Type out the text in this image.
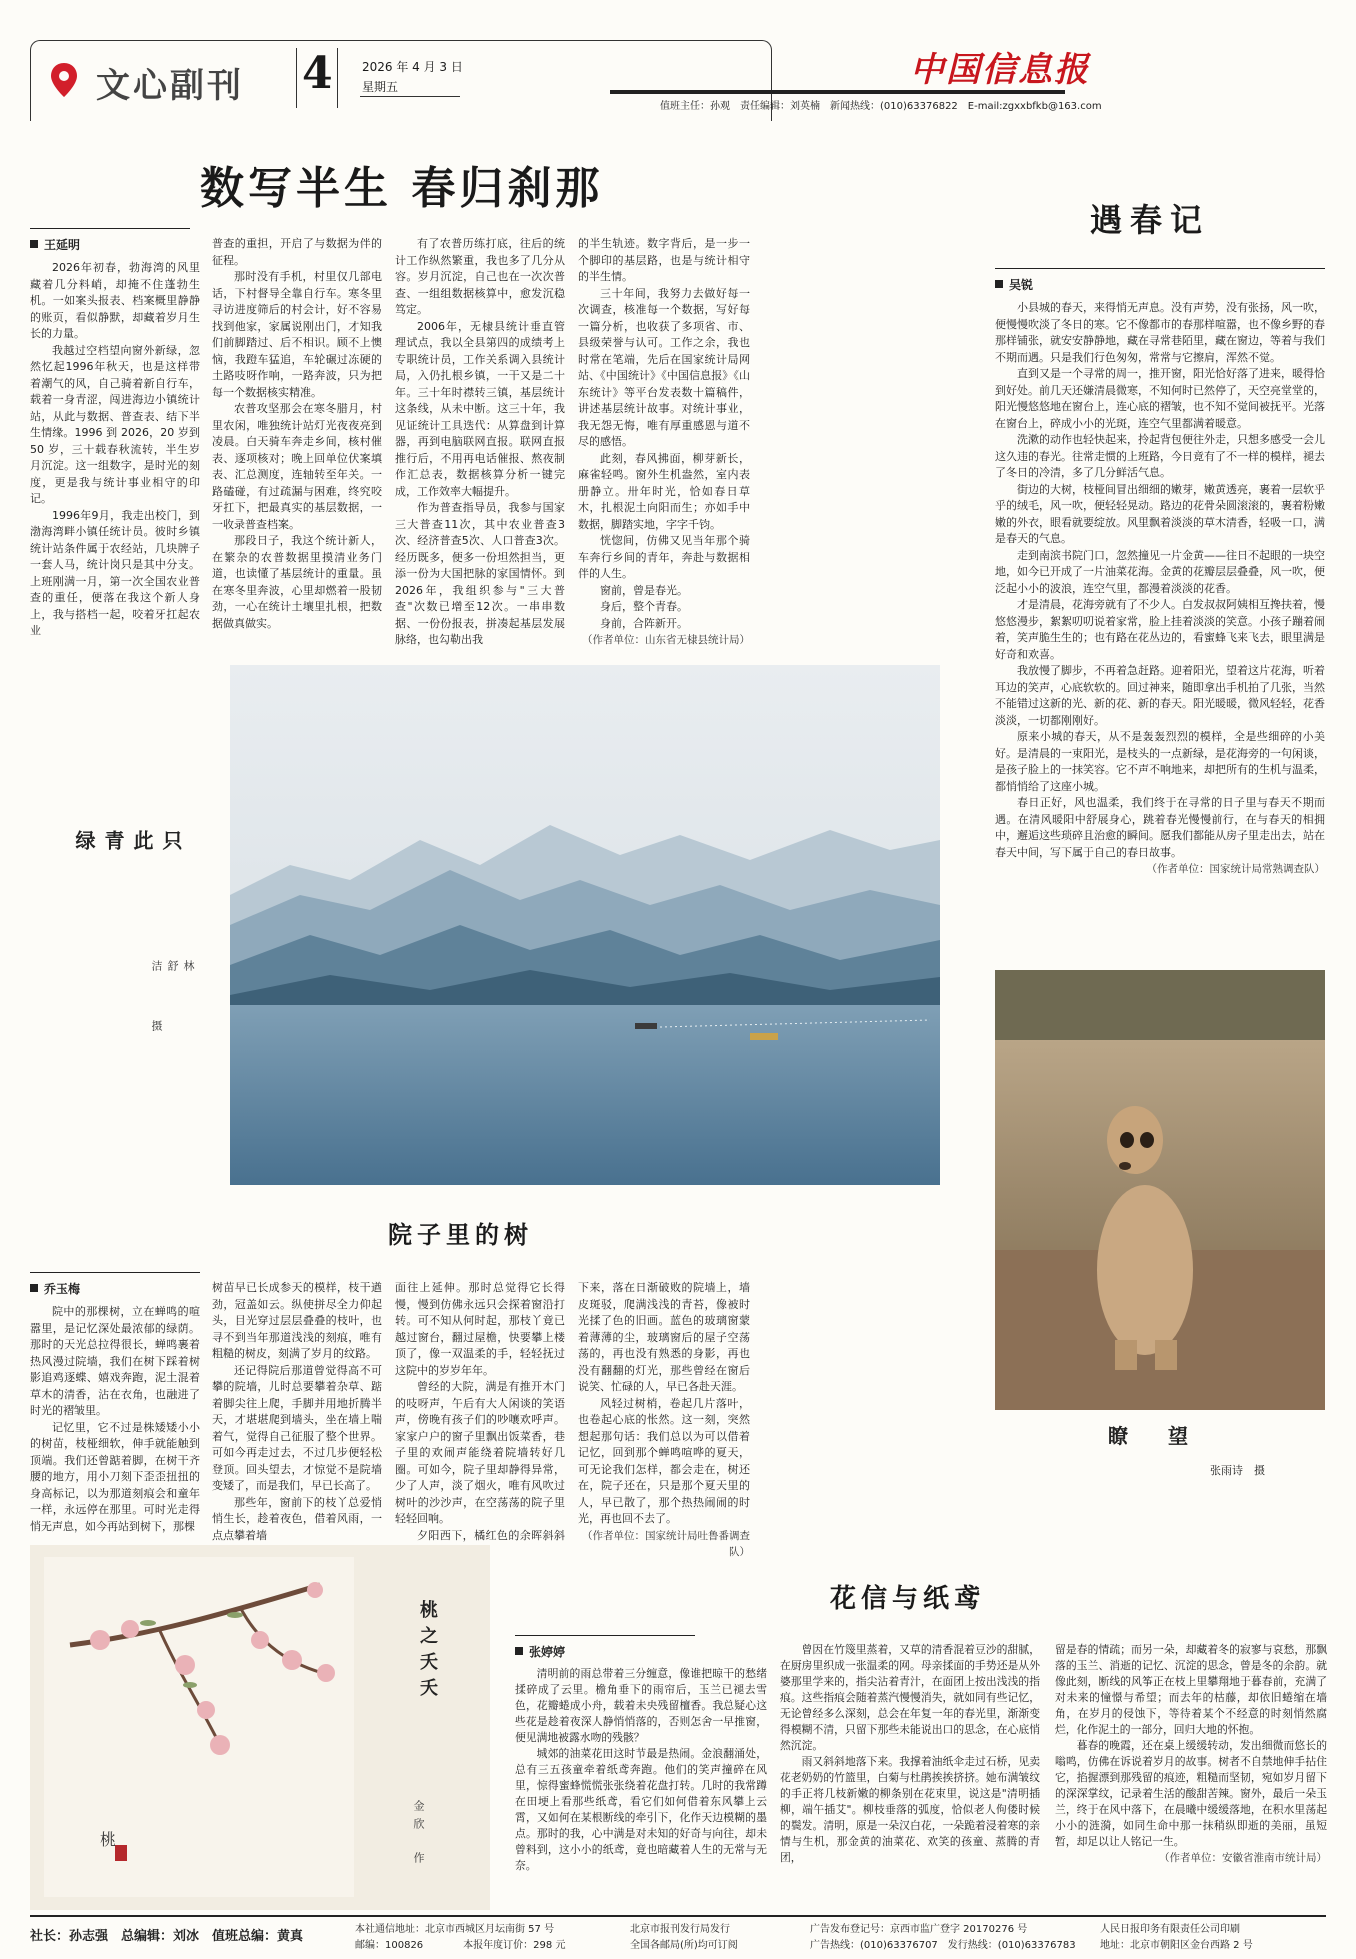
文心副刊 4 2026 年 4 月 3 日
星期五	中国信息报
值班主任：孙观　责任编辑：刘英楠　新闻热线：(010)63376822　E-mail:zgxxbfkb@163.com
数写半生 春归刹那
王延明

2026年初春，勃海湾的风里藏着几分料峭，却掩不住蓬勃生机。一如案头报表、档案概里静静的账页，看似静默，却藏着岁月生长的力量。

我越过空档望向窗外新绿，忽然忆起1996年秋天，也是这样带着潮气的风，自己骑着新自行车，载着一身青涩，闯进海边小镇统计站，从此与数据、普查表、结下半生情缘。1996 到 2026，20 岁到 50 岁，三十载春秋流转，半生岁月沉淀。这一组数字，是时光的刻度，更是我与统计事业相守的印记。

1996年9月，我走出校门，到渤海湾畔小镇任统计员。彼时乡镇统计站条件属于农经站，几块牌子一套人马，统计岗只是其中分支。上班刚满一月，第一次全国农业普查的重任，便落在我这个新人身上，我与搭档一起，咬着牙扛起农业

普查的重担，开启了与数据为伴的征程。

那时没有手机，村里仅几部电话，下村督导全靠自行车。寒冬里寻访进度筛后的村会计，好不容易找到他家，家属说刚出门，才知我们前脚踏过、后不相识。顾不上懊恼，我蹬车猛追，车轮碾过冻硬的土路吱呀作响，一路奔波，只为把每一个数据核实精准。

农普攻坚那会在寒冬腊月，村里农闲，唯独统计站灯光夜夜亮到凌晨。白天骑车奔走乡间，核村催表、逐项核对；晚上回单位伏案填表、汇总测度，连轴转至年关。一路磕碰，有过疏漏与困难，终究咬牙扛下，把最真实的基层数据，一一收录普查档案。

那段日子，我这个统计新人，在繁杂的农普数据里摸清业务门道，也读懂了基层统计的重量。虽在寒冬里奔波，心里却燃着一股韧劲，一心在统计土壤里扎根，把数据做真做实。

有了农普历练打底，往后的统计工作纵然繁重，我也多了几分从容。岁月沉淀，自己也在一次次普查、一组组数据核算中，愈发沉稳笃定。

2006年，无棣县统计垂直管理试点，我以全县第四的成绩考上专职统计员，工作关系调入县统计局，入仍扎根乡镇，一干又是二十年。三十年时襟转三镇，基层统计这条线，从未中断。这三十年，我见证统计工具迭代：从算盘到计算器，再到电脑联网直报。联网直报推行后，不用再电话催报、熬夜制作汇总表，数据核算分析一键完成，工作效率大幅提升。

作为普查指导员，我参与国家三大普查11次，其中农业普查3次、经济普查5次、人口普查3次。经历既多，便多一份坦然担当，更添一份为大国把脉的家国情怀。到2026年，我组织参与"三大普查"次数已增至12次。一串串数据、一份份报表，拼凑起基层发展脉络，也勾勒出我

的半生轨迹。数字背后，是一步一个脚印的基层路，也是与统计相守的半生情。

三十年间，我努力去做好每一次调查，核准每一个数据，写好每一篇分析，也收获了多项省、市、县级荣誉与认可。工作之余，我也时常在笔端，先后在国家统计局网站、《中国统计》《中国信息报》《山东统计》等平台发表数十篇稿件，讲述基层统计故事。对统计事业，我无怨无悔，唯有厚重感恩与道不尽的感悟。

此刻，春风拂面，柳芽新长，麻雀轻鸣。窗外生机盎然，室内表册静立。卅年时光，恰如春日草木，扎根泥土向阳而生；亦如手中数据，脚踏实地，字字千钧。

恍惚间，仿佛又见当年那个骑车奔行乡间的青年，奔赴与数据相伴的人生。

窗前，曾是春光。

身后，整个青春。

身前，合阵新开。

（作者单位：山东省无棣县统计局）
遇春记
吴锐

小县城的春天，来得悄无声息。没有声势，没有张扬，风一吹，便慢慢吹淡了冬日的寒。它不像都市的春那样喧嚣，也不像乡野的春那样铺张，就安安静静地，藏在寻常巷陌里，藏在窗边，等着与我们不期而遇。只是我们行色匆匆，常常与它擦肩，浑然不觉。

直到又是一个寻常的周一，推开窗，阳光恰好落了进来，暖得恰到好处。前几天还嫌清晨微寒，不知何时已然停了，天空亮堂堂的，阳光慢悠悠地在窗台上，连心底的褶皱，也不知不觉间被抚平。光落在窗台上，碎成小小的光斑，连空气里都满着暖意。

洗漱的动作也轻快起来，拎起背包便往外走，只想多感受一会儿这久违的春光。往常走惯的上班路，今日竟有了不一样的模样，褪去了冬日的冷清，多了几分鲜活气息。

街边的大树，枝桠间冒出细细的嫩芽，嫩黄透亮，裹着一层软乎乎的绒毛，风一吹，便轻轻晃动。路边的花骨朵圆滚滚的，裹着粉嫩嫩的外衣，眼看就要绽放。风里飘着淡淡的草木清香，轻吸一口，满是春天的气息。

走到南滨书院门口，忽然撞见一片金黄——往日不起眼的一块空地，如今已开成了一片油菜花海。金黄的花瓣层层叠叠，风一吹，便泛起小小的波浪，连空气里，都漫着淡淡的花香。

才是清晨，花海旁就有了不少人。白发叔叔阿姨相互搀扶着，慢悠悠漫步，絮絮叨叨说着家常，脸上挂着淡淡的笑意。小孩子蹦着闹着，笑声脆生生的；也有路在花丛边的，看蜜蜂飞来飞去，眼里满是好奇和欢喜。

我放慢了脚步，不再着急赶路。迎着阳光，望着这片花海，听着耳边的笑声，心底软软的。回过神来，随即拿出手机拍了几张，当然不能错过这新的光、新的花、新的春天。阳光暖暖，微风轻轻，花香淡淡，一切都刚刚好。

原来小城的春天，从不是轰轰烈烈的模样，全是些细碎的小美好。是清晨的一束阳光，是枝头的一点新绿，是花海旁的一句闲谈，是孩子脸上的一抹笑容。它不声不响地来，却把所有的生机与温柔，都悄悄给了这座小城。

春日正好，风也温柔，我们终于在寻常的日子里与春天不期而遇。在清风暖阳中舒展身心，跳着春光慢慢前行，在与春天的相拥中，邂逅这些琐碎且治愈的瞬间。愿我们都能从房子里走出去，站在春天中间，写下属于自己的春日故事。

（作者单位：国家统计局常熟调查队）
只此青绿
林舒洁
摄
瞭　望
张雨诗　摄
院子里的树
乔玉梅

院中的那棵树，立在蝉鸣的喧嚣里，是记忆深处最浓郁的绿荫。那时的天光总拉得很长，蝉鸣裹着热风漫过院墙，我们在树下踩着树影追鸡逐蝶、嬉戏奔跑，泥土混着草木的清香，沾在衣角，也融进了时光的褶皱里。

记忆里，它不过是株矮矮小小的树苗，枝桠细软，伸手就能触到顶端。我们还曾踮着脚，在树干齐腰的地方，用小刀刻下歪歪扭扭的身高标记，以为那道刻痕会和童年一样，永远停在那里。可时光走得悄无声息，如今再站到树下，那棵

树苗早已长成参天的模样，枝干遒劲，冠盖如云。纵使拼尽全力仰起头，目光穿过层层叠叠的枝叶，也寻不到当年那道浅浅的刻痕，唯有粗糙的树皮，刻满了岁月的纹路。

还记得院后那道曾觉得高不可攀的院墙，儿时总要攀着杂草、踮着脚尖往上爬，手脚并用地折腾半天，才堪堪爬到墙头，坐在墙上喘着气，觉得自己征服了整个世界。可如今再走过去，不过几步便轻松登顶。回头望去，才惊觉不是院墙变矮了，而是我们，早已长高了。

那些年，窗前下的枝丫总爱悄悄生长，趁着夜色，借着风雨，一点点攀着墙

面往上延伸。那时总觉得它长得慢，慢到仿佛永远只会探着窗沿打转。可不知从何时起，那枝丫竟已越过窗台，翻过屋檐，快要攀上楼顶了，像一双温柔的手，轻轻抚过这院中的岁岁年年。

曾经的大院，满是有推开木门的吱呀声，午后有大人闲谈的笑语声，傍晚有孩子们的吵嚷欢呼声。家家户户的窗子里飘出饭菜香，巷子里的欢闹声能绕着院墙转好几圈。可如今，院子里却静得异常，少了人声，淡了烟火，唯有风吹过树叶的沙沙声，在空荡荡的院子里轻轻回响。

夕阳西下，橘红色的余晖斜斜

下来，落在日渐破败的院墙上，墙皮斑驳，爬满浅浅的青苔，像被时光揉了色的旧画。蓝色的玻璃窗蒙着薄薄的尘，玻璃窗后的屋子空荡荡的，再也没有熟悉的身影，再也没有翻翻的灯光，那些曾经在窗后说笑、忙碌的人，早已各赴天涯。

风轻过树梢，卷起几片落叶，也卷起心底的怅然。这一刻，突然想起那句话：我们总以为可以借着记忆，回到那个蝉鸣喧哗的夏天，可无论我们怎样，都会走在，树还在，院子还在，只是那个夏天里的人，早已散了，那个热热闹闹的时光，再也回不去了。

（作者单位：国家统计局吐鲁番调查队）
桃
桃之夭夭
金
欣
作
花信与纸鸢
张婷婷

清明前的雨总带着三分缠意，像谁把晾干的愁绪揉碎成了云里。檐角垂下的雨帘后，玉兰已褪去雪色，花瓣蜷成小舟，载着未央残留檀香。我总疑心这些花是趁着夜深人静悄悄落的，否则怎舍一早推窗，便见满地被露水吻的残骸？

城郊的油菜花田这时节最是热闹。金浪翻涌处，总有三五孩童牵着纸鸢奔跑。他们的笑声撞碎在风里，惊得蜜蜂慌慌张张绕着花盘打转。几时的我常蹲在田埂上看那些纸鸢，看它们如何借着东风攀上云霄，又如何在某根断线的牵引下，化作天边模糊的墨点。那时的我，心中满是对未知的好奇与向往，却未曾料到，这小小的纸鸢，竟也暗藏着人生的无常与无奈。

曾因在竹篾里蒸着，又草的清香混着豆沙的甜腻，在厨房里织成一张温柔的网。母亲揉面的手势还是从外婆那里学来的，指尖沾着青汁，在面团上按出浅浅的指痕。这些指痕会随着蒸汽慢慢消失，就如同有些记忆，无论曾经多么深刻，总会在年复一年的春光里，渐渐变得模糊不清，只留下那些未能说出口的思念，在心底悄然沉淀。

雨又斜斜地落下来。我撑着油纸伞走过石桥，见卖花老奶奶的竹篮里，白菊与杜鹃挨挨挤挤。她布满皱纹的手正将几枝新嫩的柳条别在花束里，说这是"清明插柳，端午插艾"。柳枝垂落的弧度，恰似老人佝偻时候的鬓发。清明，原是一朵汉白花，一朵跪着浸着寒的亲情与生机，那金黄的油菜花、欢笑的孩童、蒸腾的青团，

留是春的情疏；而另一朵，却藏着冬的寂寥与哀愁，那飘落的玉兰、消逝的记忆、沉淀的思念，曾是冬的余韵。就像此刻，断线的风筝正在枝上里攀翔地于暮春前，充满了对未来的憧憬与希望；而去年的枯藤，却依旧蜷缩在墙角，在岁月的侵蚀下，等待着某个不经意的时刻悄然腐烂，化作泥土的一部分，回归大地的怀抱。

暮春的晚霞，还在桌上缓缓转动，发出细微而悠长的嗡鸣，仿佛在诉说着岁月的故事。树者不自禁地伸手拈住它，掐握漂到那残留的痕迹，粗糙而坚韧，宛如岁月留下的深深掌纹，记录着生活的酸甜苦辣。窗外，最后一朵玉兰，终于在风中落下，在晨曦中缓缓落地，在积水里荡起小小的涟漪，如同生命中那一抹稍纵即逝的美丽，虽短暂，却足以让人铭记一生。

（作者单位：安徽省淮南市统计局）
社长：孙志强　总编辑：刘冰　值班总编：黄真	本社通信地址：北京市西城区月坛南街 57 号
邮编：100826　　　　本报年度订价：298 元
北京市报刊发行局发行
全国各邮局(所)均可订阅
广告发布登记号：京西市监广登字 20170276 号
广告热线：(010)63376707　发行热线：(010)63376783
人民日报印务有限责任公司印刷
地址：北京市朝阳区金台西路 2 号
